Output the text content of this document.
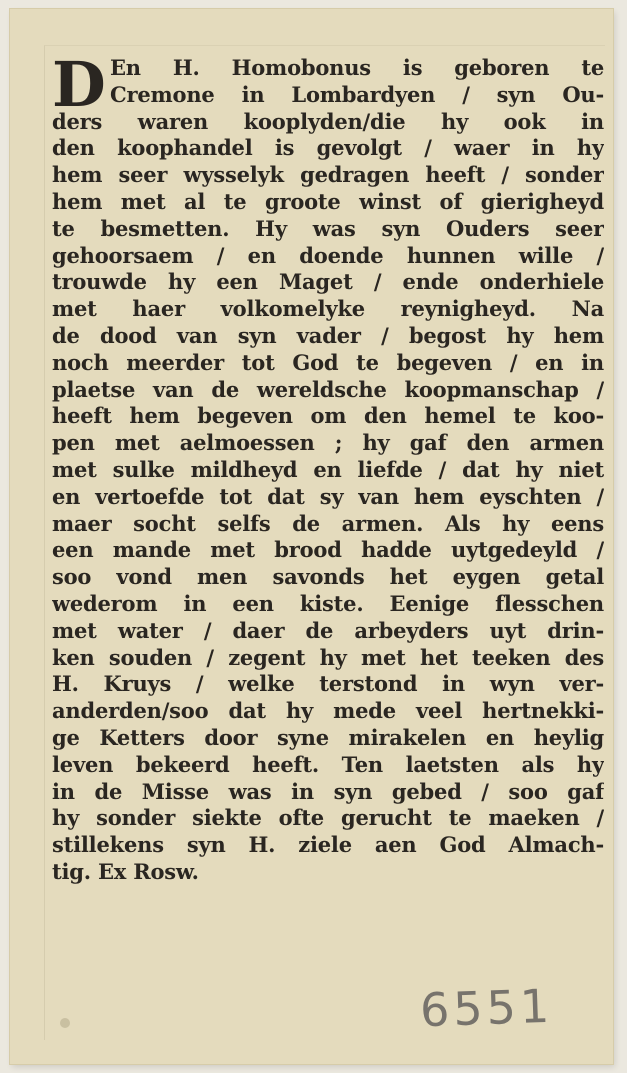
D En H. Homobonus is geboren te
Cremone in Lombardyen / syn Ou-
ders waren kooplyden/die hy ook in
den koophandel is gevolgt / waer in hy
hem seer wysselyk gedragen heeft / sonder
hem met al te groote winst of gierigheyd
te besmetten. Hy was syn Ouders seer
gehoorsaem / en doende hunnen wille /
trouwde hy een Maget / ende onderhiele
met haer volkomelyke reynigheyd. Na
de dood van syn vader / begost hy hem
noch meerder tot God te begeven / en in
plaetse van de wereldsche koopmanschap /
heeft hem begeven om den hemel te koo-
pen met aelmoessen ; hy gaf den armen
met sulke mildheyd en liefde / dat hy niet
en vertoefde tot dat sy van hem eyschten /
maer socht selfs de armen. Als hy eens
een mande met brood hadde uytgedeyld /
soo vond men savonds het eygen getal
wederom in een kiste. Eenige flesschen
met water / daer de arbeyders uyt drin-
ken souden / zegent hy met het teeken des
H. Kruys / welke terstond in wyn ver-
anderden/soo dat hy mede veel hertnekki-
ge Ketters door syne mirakelen en heylig
leven bekeerd heeft. Ten laetsten als hy
in de Misse was in syn gebed / soo gaf
hy sonder siekte ofte gerucht te maeken /
stillekens syn H. ziele aen God Almach-
tig. Ex Rosw.
6551
